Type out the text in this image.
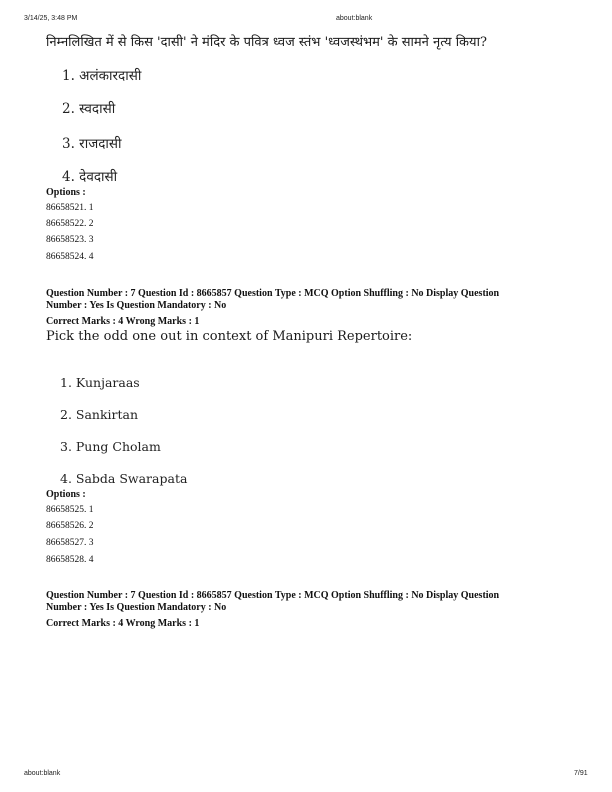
3/14/25, 3:48 PM	about:blank
निम्नलिखित में से किस 'दासी' ने मंदिर के पवित्र ध्वज स्तंभ 'ध्वजस्थंभम' के सामने नृत्य किया?
1. अलंकारदासी
2. स्वदासी
3. राजदासी
4. देवदासी
Options :
86658521. 1
86658522. 2
86658523. 3
86658524. 4
Question Number : 7 Question Id : 8665857 Question Type : MCQ Option Shuffling : No Display Question
Number : Yes Is Question Mandatory : No
Correct Marks : 4 Wrong Marks : 1
Pick the odd one out in context of Manipuri Repertoire:
1. Kunjaraas
2. Sankirtan
3. Pung Cholam
4. Sabda Swarapata
Options :
86658525. 1
86658526. 2
86658527. 3
86658528. 4
Question Number : 7 Question Id : 8665857 Question Type : MCQ Option Shuffling : No Display Question
Number : Yes Is Question Mandatory : No
Correct Marks : 4 Wrong Marks : 1
about:blank	7/91
